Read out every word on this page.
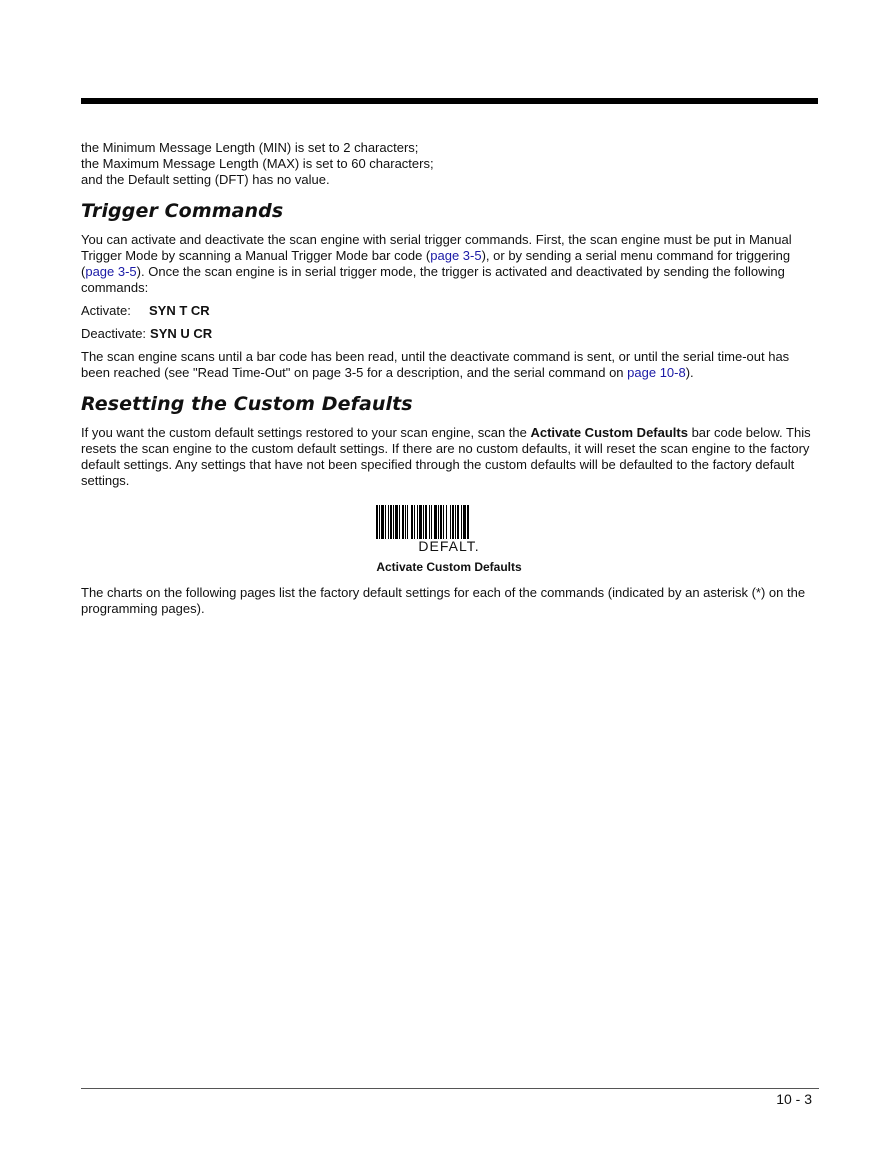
the Minimum Message Length (MIN) is set to 2 characters;
the Maximum Message Length (MAX) is set to 60 characters;
and the Default setting (DFT) has no value.

Trigger Commands

You can activate and deactivate the scan engine with serial trigger commands. First, the scan engine must be put in Manual Trigger Mode by scanning a Manual Trigger Mode bar code (page 3-5), or by sending a serial menu command for triggering (page 3-5). Once the scan engine is in serial trigger mode, the trigger is activated and deactivated by sending the following commands:

Activate: SYN T CR

Deactivate: SYN U CR

The scan engine scans until a bar code has been read, until the deactivate command is sent, or until the serial time-out has been reached (see "Read Time-Out" on page 3-5 for a description, and the serial command on page 10-8).

Resetting the Custom Defaults

If you want the custom default settings restored to your scan engine, scan the Activate Custom Defaults bar code below. This resets the scan engine to the custom default settings. If there are no custom defaults, it will reset the scan engine to the factory default settings. Any settings that have not been specified through the custom defaults will be defaulted to the factory default settings.

DEFALT.
Activate Custom Defaults

The charts on the following pages list the factory default settings for each of the commands (indicated by an asterisk (*) on the programming pages).

10 - 3
